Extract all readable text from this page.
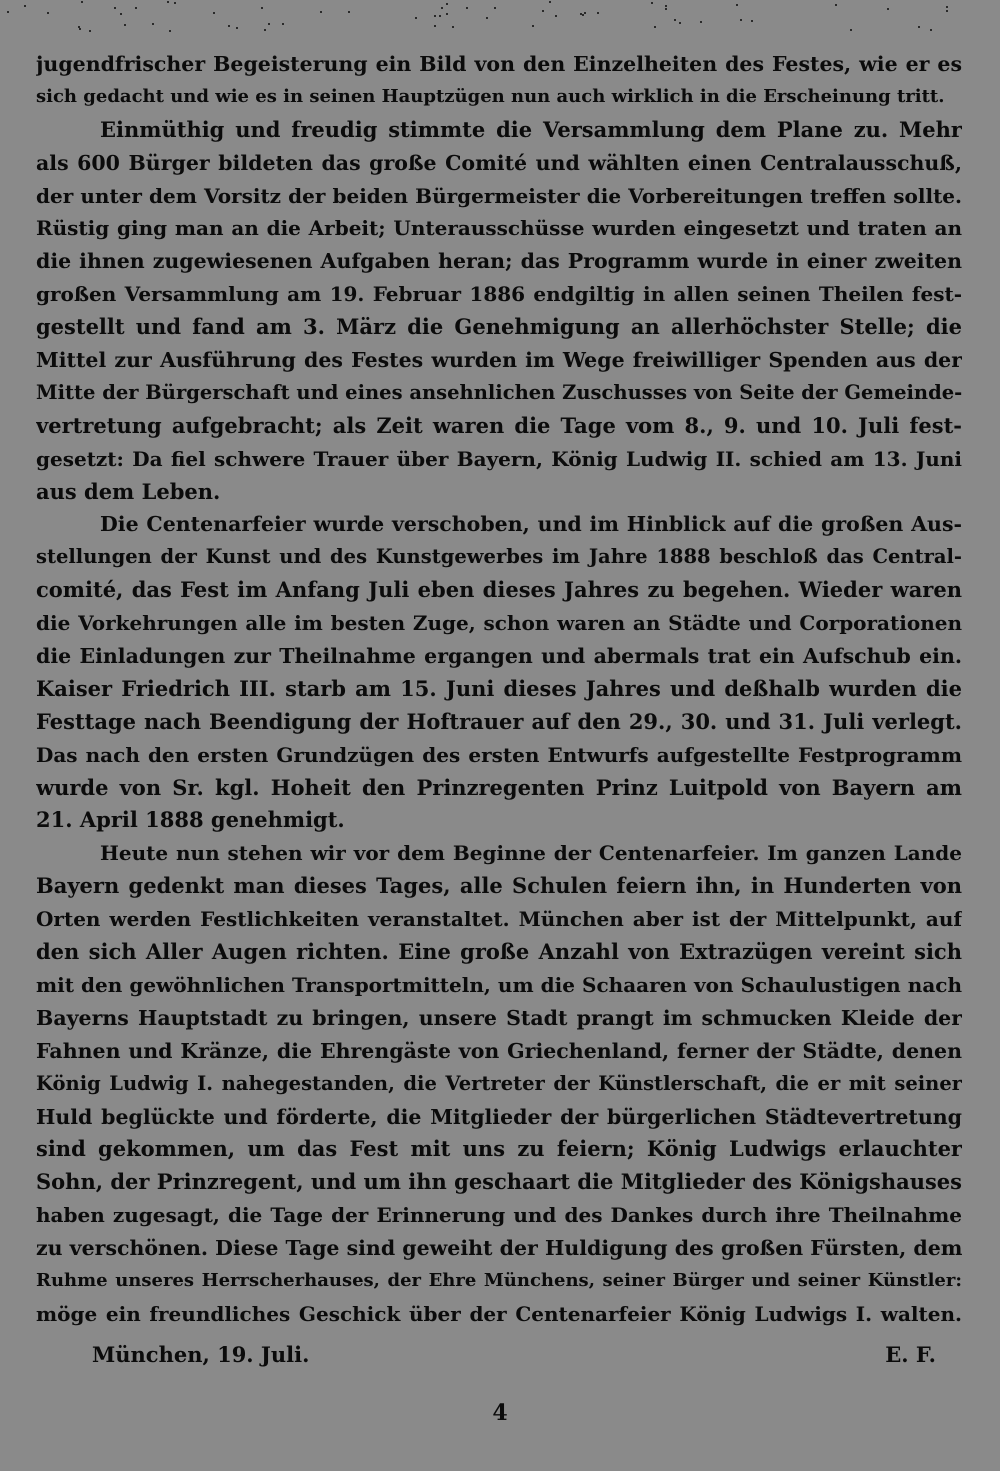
jugendfrischer Begeisterung ein Bild von den Einzelheiten des Festes, wie er es
sich gedacht und wie es in seinen Hauptzügen nun auch wirklich in die Erscheinung tritt.
Einmüthig und freudig stimmte die Versammlung dem Plane zu. Mehr
als 600 Bürger bildeten das große Comité und wählten einen Centralausschuß,
der unter dem Vorsitz der beiden Bürgermeister die Vorbereitungen treffen sollte.
Rüstig ging man an die Arbeit; Unterausschüsse wurden eingesetzt und traten an
die ihnen zugewiesenen Aufgaben heran; das Programm wurde in einer zweiten
großen Versammlung am 19. Februar 1886 endgiltig in allen seinen Theilen fest-
gestellt und fand am 3. März die Genehmigung an allerhöchster Stelle; die
Mittel zur Ausführung des Festes wurden im Wege freiwilliger Spenden aus der
Mitte der Bürgerschaft und eines ansehnlichen Zuschusses von Seite der Gemeinde-
vertretung aufgebracht; als Zeit waren die Tage vom 8., 9. und 10. Juli fest-
gesetzt: Da fiel schwere Trauer über Bayern, König Ludwig II. schied am 13. Juni
aus dem Leben.
Die Centenarfeier wurde verschoben, und im Hinblick auf die großen Aus-
stellungen der Kunst und des Kunstgewerbes im Jahre 1888 beschloß das Central-
comité, das Fest im Anfang Juli eben dieses Jahres zu begehen. Wieder waren
die Vorkehrungen alle im besten Zuge, schon waren an Städte und Corporationen
die Einladungen zur Theilnahme ergangen und abermals trat ein Aufschub ein.
Kaiser Friedrich III. starb am 15. Juni dieses Jahres und deßhalb wurden die
Festtage nach Beendigung der Hoftrauer auf den 29., 30. und 31. Juli verlegt.
Das nach den ersten Grundzügen des ersten Entwurfs aufgestellte Festprogramm
wurde von Sr. kgl. Hoheit den Prinzregenten Prinz Luitpold von Bayern am
21. April 1888 genehmigt.
Heute nun stehen wir vor dem Beginne der Centenarfeier. Im ganzen Lande
Bayern gedenkt man dieses Tages, alle Schulen feiern ihn, in Hunderten von
Orten werden Festlichkeiten veranstaltet. München aber ist der Mittelpunkt, auf
den sich Aller Augen richten. Eine große Anzahl von Extrazügen vereint sich
mit den gewöhnlichen Transportmitteln, um die Schaaren von Schaulustigen nach
Bayerns Hauptstadt zu bringen, unsere Stadt prangt im schmucken Kleide der
Fahnen und Kränze, die Ehrengäste von Griechenland, ferner der Städte, denen
König Ludwig I. nahegestanden, die Vertreter der Künstlerschaft, die er mit seiner
Huld beglückte und förderte, die Mitglieder der bürgerlichen Städtevertretung
sind gekommen, um das Fest mit uns zu feiern; König Ludwigs erlauchter
Sohn, der Prinzregent, und um ihn geschaart die Mitglieder des Königshauses
haben zugesagt, die Tage der Erinnerung und des Dankes durch ihre Theilnahme
zu verschönen. Diese Tage sind geweiht der Huldigung des großen Fürsten, dem
Ruhme unseres Herrscherhauses, der Ehre Münchens, seiner Bürger und seiner Künstler:
möge ein freundliches Geschick über der Centenarfeier König Ludwigs I. walten.
München, 19. Juli.	E. F.
4
